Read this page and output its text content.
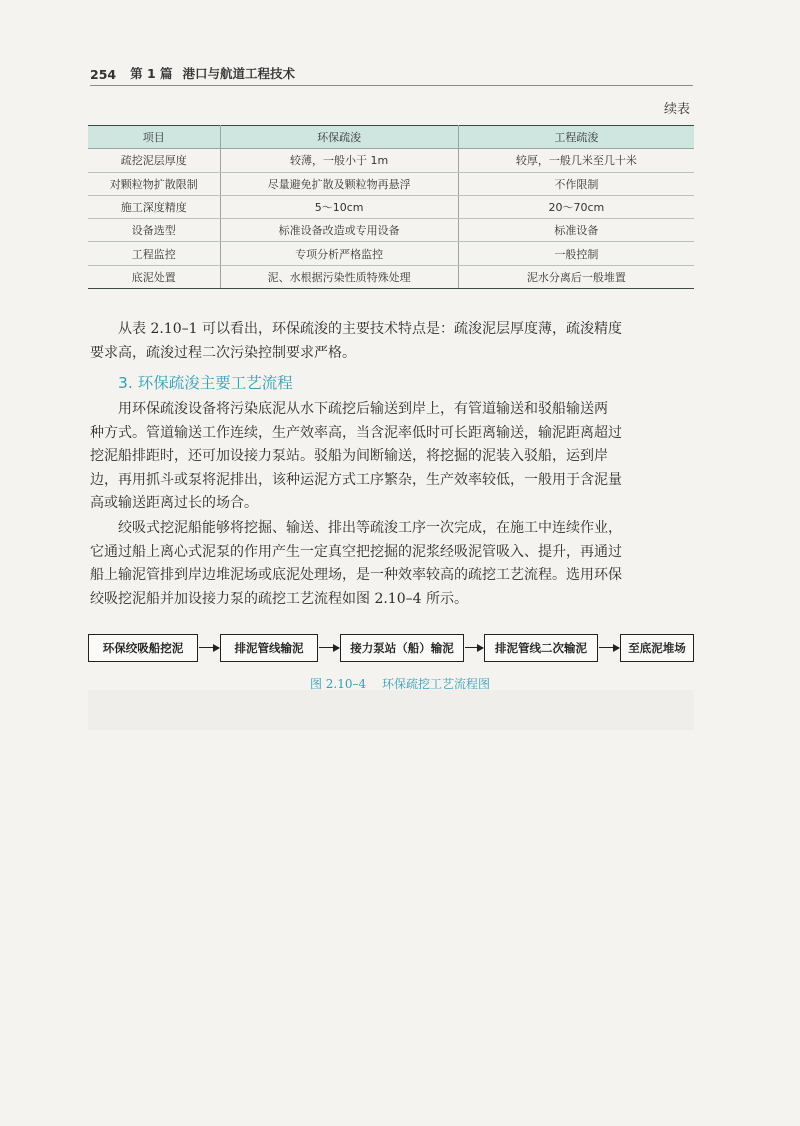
254 第 1 篇 港口与航道工程技术
续表
项目	环保疏浚	工程疏浚
疏挖泥层厚度	较薄，一般小于 1m	较厚，一般几米至几十米
对颗粒物扩散限制	尽量避免扩散及颗粒物再悬浮	不作限制
施工深度精度	5～10cm	20～70cm
设备选型	标准设备改造或专用设备	标准设备
工程监控	专项分析严格监控	一般控制
底泥处置	泥、水根据污染性质特殊处理	泥水分离后一般堆置

从表 2.10–1 可以看出，环保疏浚的主要技术特点是：疏浚泥层厚度薄，疏浚精度
要求高，疏浚过程二次污染控制要求严格。

3. 环保疏浚主要工艺流程

用环保疏浚设备将污染底泥从水下疏挖后输送到岸上，有管道输送和驳船输送两
种方式。管道输送工作连续，生产效率高，当含泥率低时可长距离输送，输泥距离超过
挖泥船排距时，还可加设接力泵站。驳船为间断输送，将挖掘的泥装入驳船，运到岸
边，再用抓斗或泵将泥排出，该种运泥方式工序繁杂，生产效率较低，一般用于含泥量
高或输送距离过长的场合。

绞吸式挖泥船能够将挖掘、输送、排出等疏浚工序一次完成，在施工中连续作业，
它通过船上离心式泥泵的作用产生一定真空把挖掘的泥浆经吸泥管吸入、提升，再通过
船上输泥管排到岸边堆泥场或底泥处理场，是一种效率较高的疏挖工艺流程。选用环保
绞吸挖泥船并加设接力泵的疏挖工艺流程如图 2.10–4 所示。

环保绞吸船挖泥	排泥管线输泥	接力泵站（船）输泥	排泥管线二次输泥	至底泥堆场
图 2.10–4 环保疏挖工艺流程图
